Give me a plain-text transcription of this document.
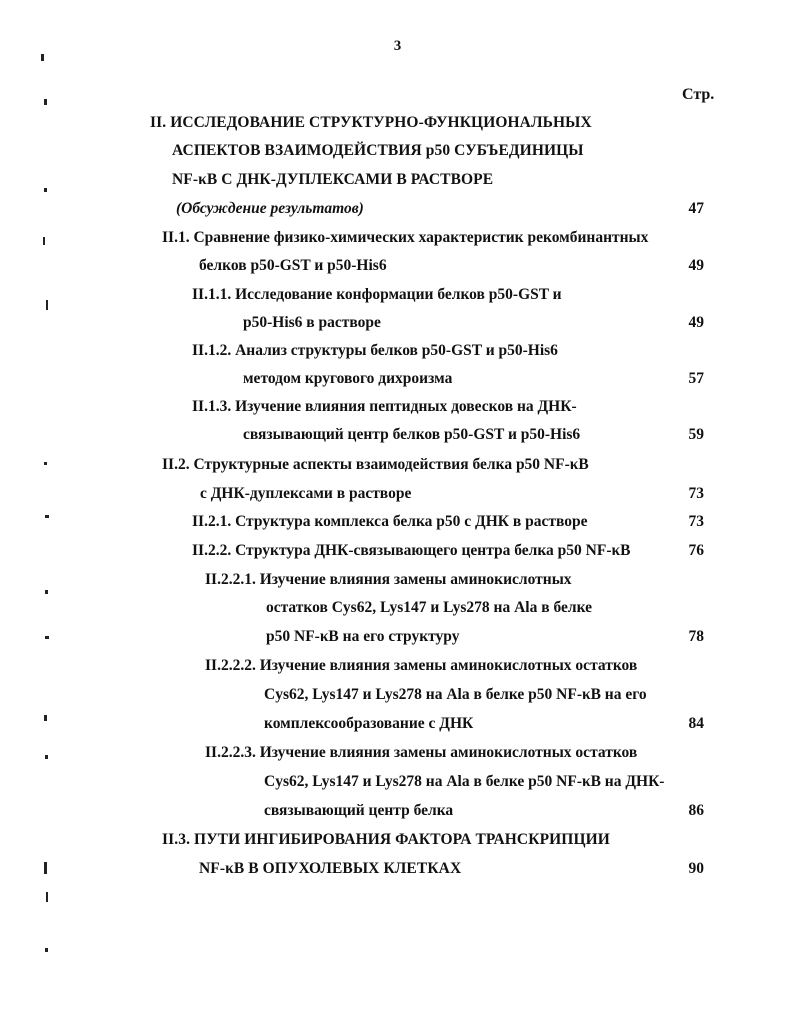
3
Стр.
II. ИССЛЕДОВАНИЕ СТРУКТУРНО-ФУНКЦИОНАЛЬНЫХ
АСПЕКТОВ ВЗАИМОДЕЙСТВИЯ р50 СУБЪЕДИНИЦЫ
NF-κB С ДНК-ДУПЛЕКСАМИ В РАСТВОРЕ
(Обсуждение результатов)	47
II.1. Сравнение физико-химических характеристик рекомбинантных
белков p50-GST и p50-His6	49
II.1.1. Исследование конформации белков p50-GST и
p50-His6 в растворе	49
II.1.2. Анализ структуры белков p50-GST и p50-His6
методом кругового дихроизма	57
II.1.3. Изучение влияния пептидных довесков на ДНК-
связывающий центр белков p50-GST и p50-His6	59
II.2. Структурные аспекты взаимодействия белка p50 NF-κB
с ДНК-дуплексами в растворе	73
II.2.1. Структура комплекса белка p50 с ДНК в растворе	73
II.2.2. Структура ДНК-связывающего центра белка p50 NF-κB	76
II.2.2.1. Изучение влияния замены аминокислотных
остатков Cys62, Lys147 и Lys278 на Ala в белке
p50 NF-κB на его структуру	78
II.2.2.2. Изучение влияния замены аминокислотных остатков
Cys62, Lys147 и Lys278 на Ala в белке p50 NF-κB на его
комплексообразование с ДНК	84
II.2.2.3. Изучение влияния замены аминокислотных остатков
Cys62, Lys147 и Lys278 на Ala в белке p50 NF-κB на ДНК-
связывающий центр белка	86
II.3. ПУТИ ИНГИБИРОВАНИЯ ФАКТОРА ТРАНСКРИПЦИИ
NF-κB В ОПУХОЛЕВЫХ КЛЕТКАХ	90
